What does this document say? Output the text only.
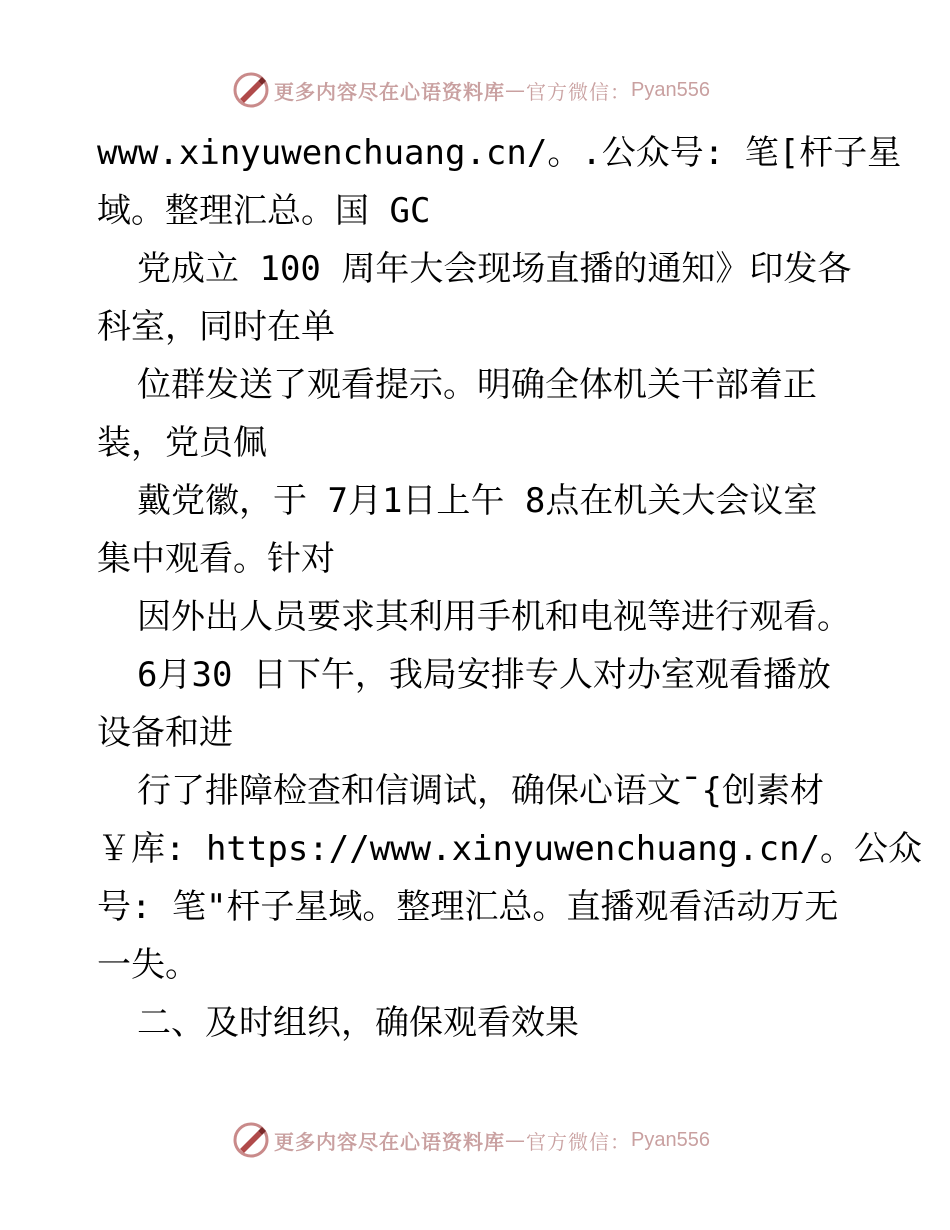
更多内容尽在心语资料库 — 官方微信： Pyan556
www.xinyuwenchuang.cn/。.公众号: 笔[杆子星
域。整理汇总。国 GC
党成立 100 周年大会现场直播的通知》印发各
科室，同时在单
位群发送了观看提示。明确全体机关干部着正
装，党员佩
戴党徽，于 7月1日上午 8点在机关大会议室
集中观看。针对
因外出人员要求其利用手机和电视等进行观看。
6月30 日下午，我局安排专人对办室观看播放
设备和进
行了排障检查和信调试，确保心语文¯{创素材
￥库: https://www.xinyuwenchuang.cn/。公众
号: 笔"杆子星域。整理汇总。直播观看活动万无
一失。
二、及时组织，确保观看效果
更多内容尽在心语资料库 — 官方微信： Pyan556
